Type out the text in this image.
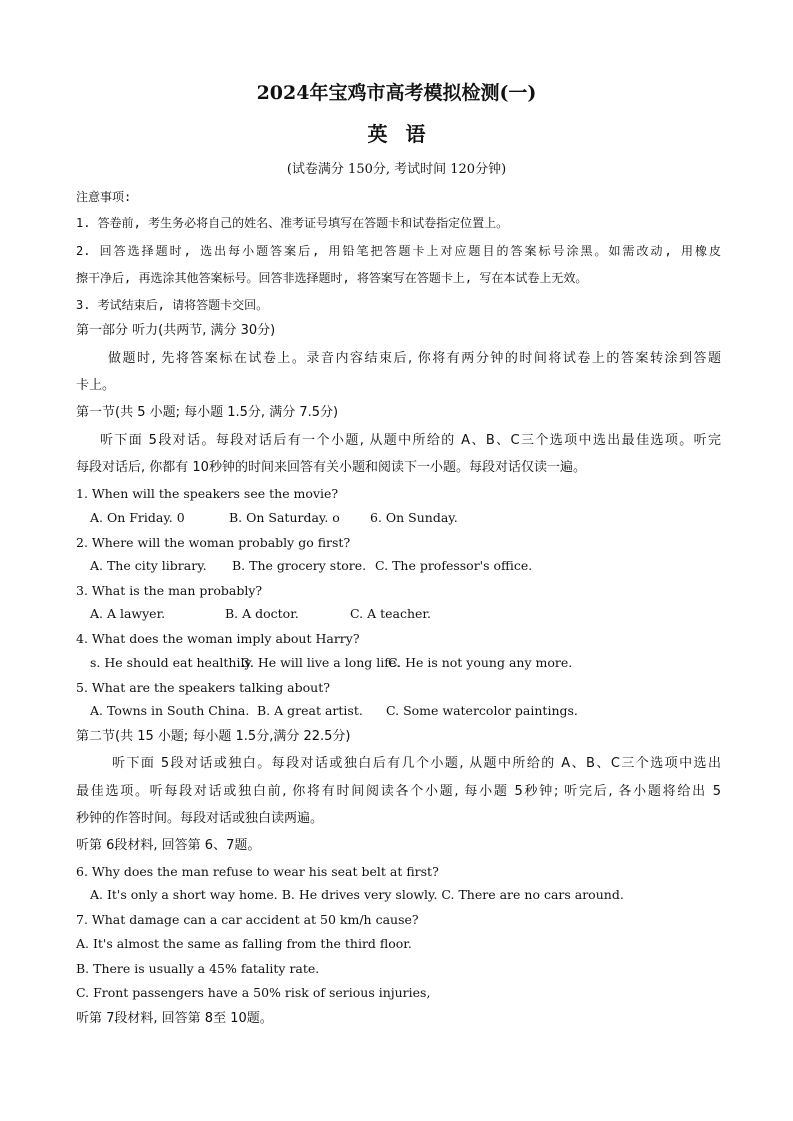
2024年宝鸡市高考模拟检测(一)
英语
(试卷满分 150分, 考试时间 120分钟)
注意事项:
1. 答卷前, 考生务必将自己的姓名、准考证号填写在答题卡和试卷指定位置上。
2. 回答选择题时, 选出每小题答案后, 用铅笔把答题卡上对应题目的答案标号涂黑。如需改动, 用橡皮
擦干净后, 再选涂其他答案标号。回答非选择题时, 将答案写在答题卡上, 写在本试卷上无效。
3. 考试结束后, 请将答题卡交回。
第一部分 听力(共两节, 满分 30分)
做题时, 先将答案标在试卷上。录音内容结束后, 你将有两分钟的时间将试卷上的答案转涂到答题
卡上。
第一节(共 5 小题; 每小题 1.5分, 满分 7.5分)
听下面 5段对话。每段对话后有一个小题, 从题中所给的 A、B、C三个选项中选出最佳选项。听完
每段对话后, 你都有 10秒钟的时间来回答有关小题和阅读下一小题。每段对话仅读一遍。
1. When will the speakers see the movie?
A. On Friday. 0	B. On Saturday. o 6. On Sunday.
2. Where will the woman probably go first?
A. The city library. B. The grocery store. C. The professor's office.
3. What is the man probably?
A. A lawyer.	B. A doctor.	C. A teacher.
4. What does the woman imply about Harry?
s. He should eat healthily.
3. He will live a long life.
C. He is not young any more.
5. What are the speakers talking about?
A. Towns in South China. B. A great artist. C. Some watercolor paintings.
第二节(共 15 小题; 每小题 1.5分,满分 22.5分)
听下面 5段对话或独白。每段对话或独白后有几个小题, 从题中所给的 A、B、C三个选项中选出
最佳选项。听每段对话或独白前, 你将有时间阅读各个小题, 每小题 5秒钟; 听完后, 各小题将给出 5
秒钟的作答时间。每段对话或独白读两遍。
听第 6段材料, 回答第 6、7题。
6. Why does the man refuse to wear his seat belt at first?
A. It's only a short way home. B. He drives very slowly. C. There are no cars around.
7. What damage can a car accident at 50 km/h cause?
A. It's almost the same as falling from the third floor.
B. There is usually a 45% fatality rate.
C. Front passengers have a 50% risk of serious injuries,
听第 7段材料, 回答第 8至 10题。
